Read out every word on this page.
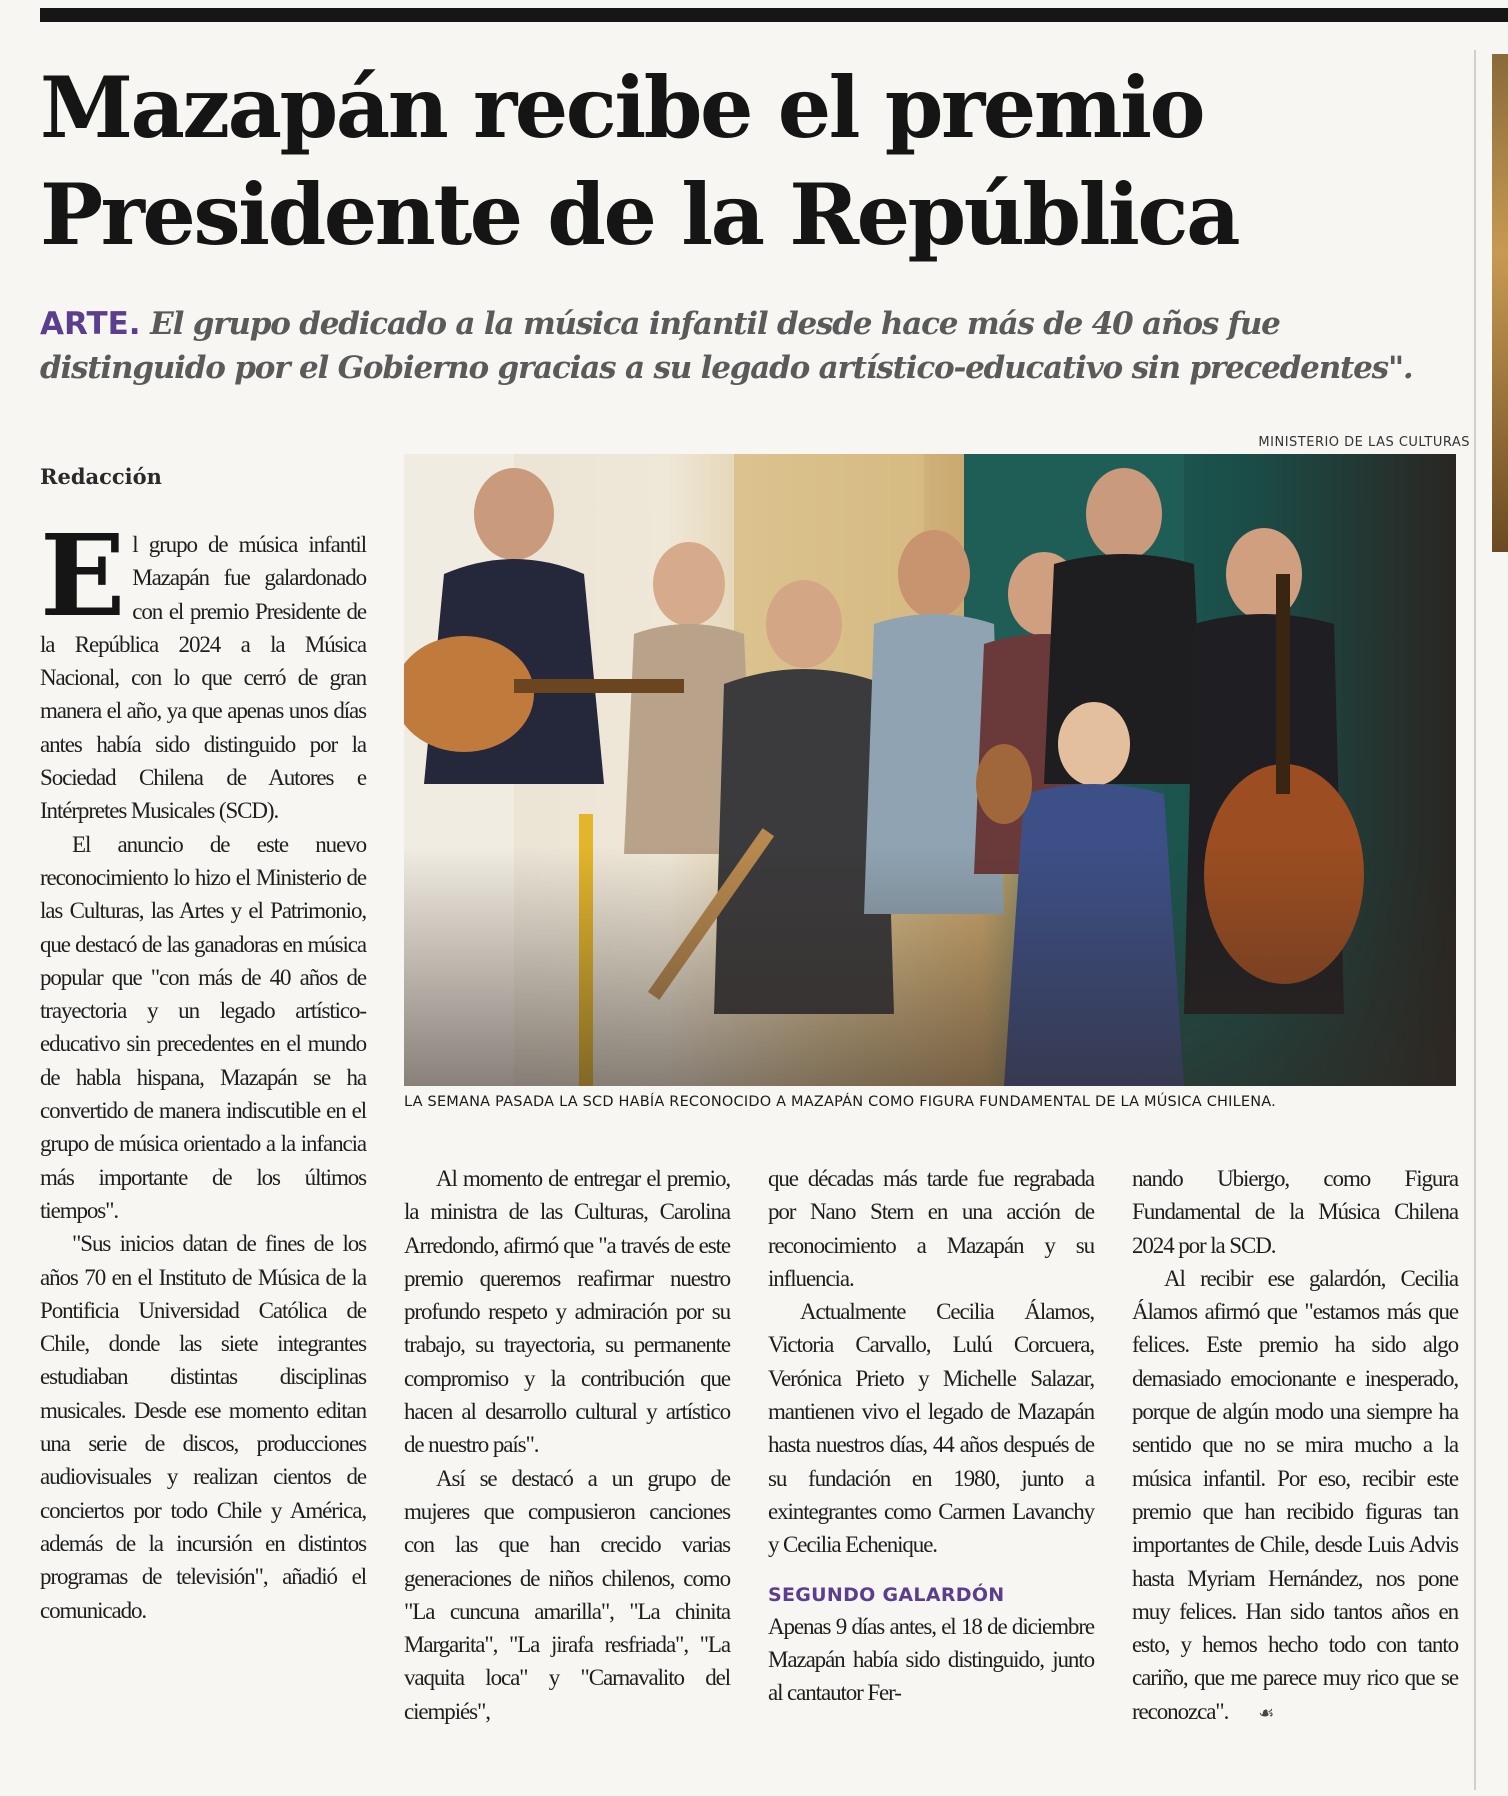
Mazapán recibe el premio
Presidente de la República
ARTE. El grupo dedicado a la música infantil desde hace más de 40 años fue
distinguido por el Gobierno gracias a su legado artístico-educativo sin precedentes".
MINISTERIO DE LAS CULTURAS
Redacción
LA SEMANA PASADA LA SCD HABÍA RECONOCIDO A MAZAPÁN COMO FIGURA FUNDAMENTAL DE LA MÚSICA CHILENA.

El grupo de música infantil Mazapán fue galardonado con el premio Presidente de la República 2024 a la Música Nacional, con lo que cerró de gran manera el año, ya que apenas unos días antes había sido distinguido por la Sociedad Chilena de Autores e Intérpretes Musicales (SCD).

El anuncio de este nuevo reconocimiento lo hizo el Ministerio de las Culturas, las Artes y el Patrimonio, que destacó de las ganadoras en música popular que "con más de 40 años de trayectoria y un legado artístico-educativo sin precedentes en el mundo de habla hispana, Mazapán se ha convertido de manera indiscutible en el grupo de música orientado a la infancia más importante de los últimos tiempos".

"Sus inicios datan de fines de los años 70 en el Instituto de Música de la Pontificia Universidad Católica de Chile, donde las siete integrantes estudiaban distintas disciplinas musicales. Desde ese momento editan una serie de discos, producciones audiovisuales y realizan cientos de conciertos por todo Chile y América, además de la incursión en distintos programas de televisión", añadió el comunicado.

Al momento de entregar el premio, la ministra de las Culturas, Carolina Arredondo, afirmó que "a través de este premio queremos reafirmar nuestro profundo respeto y admiración por su trabajo, su trayectoria, su permanente compromiso y la contribución que hacen al desarrollo cultural y artístico de nuestro país".

Así se destacó a un grupo de mujeres que compusieron canciones con las que han crecido varias generaciones de niños chilenos, como "La cuncuna amarilla", "La chinita Margarita", "La jirafa resfriada", "La vaquita loca" y "Carnavalito del ciempiés",

que décadas más tarde fue regrabada por Nano Stern en una acción de reconocimiento a Mazapán y su influencia.

Actualmente Cecilia Álamos, Victoria Carvallo, Lulú Corcuera, Verónica Prieto y Michelle Salazar, mantienen vivo el legado de Mazapán hasta nuestros días, 44 años después de su fundación en 1980, junto a exintegrantes como Carmen Lavanchy y Cecilia Echenique.

SEGUNDO GALARDÓN

Apenas 9 días antes, el 18 de diciembre Mazapán había sido distinguido, junto al cantautor Fer-

nando Ubiergo, como Figura Fundamental de la Música Chilena 2024 por la SCD.

Al recibir ese galardón, Cecilia Álamos afirmó que "estamos más que felices. Este premio ha sido algo demasiado emocionante e inesperado, porque de algún modo una siempre ha sentido que no se mira mucho a la música infantil. Por eso, recibir este premio que han recibido figuras tan importantes de Chile, desde Luis Advis hasta Myriam Hernández, nos pone muy felices. Han sido tantos años en esto, y hemos hecho todo con tanto cariño, que me parece muy rico que se reconozca". ☙
